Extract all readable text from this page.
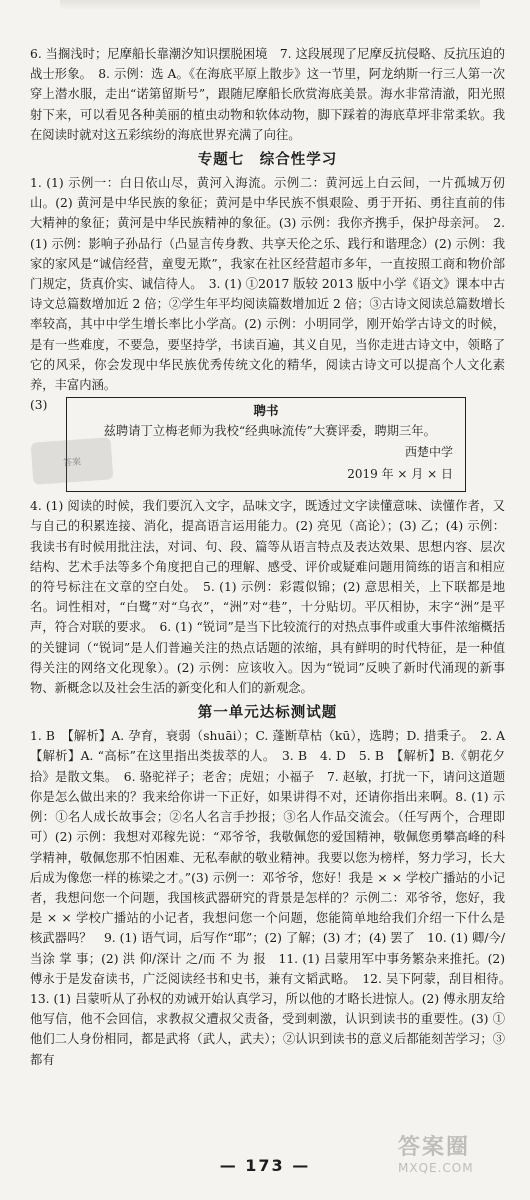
6. 当搁浅时；尼摩船长靠潮汐知识摆脱困境　7. 这段展现了尼摩反抗侵略、反抗压迫的战士形象。　8. 示例：选 A。《在海底平原上散步》这一节里，阿龙纳斯一行三人第一次穿上潜水服，走出“诺第留斯号”，跟随尼摩船长欣赏海底美景。海水非常清澈，阳光照射下来，可以看见各种美丽的植虫动物和软体动物，脚下踩着的海底草坪非常柔软。我在阅读时就对这五彩缤纷的海底世界充满了向往。

专题七　综合性学习

1. (1) 示例一：白日依山尽，黄河入海流。示例二：黄河远上白云间，一片孤城万仞山。(2) 黄河是中华民族的象征；黄河是中华民族不惧艰险、勇于开拓、勇往直前的伟大精神的象征；黄河是中华民族精神的象征。(3) 示例：我你齐携手，保护母亲河。　2. (1) 示例：影响子孙品行（凸显言传身教、共享天伦之乐、践行和谐理念）(2) 示例：我家的家风是“诚信经营，童叟无欺”，我家在社区经营超市多年，一直按照工商和物价部门规定，货真价实、诚信待人。　3. (1) ①2017 版较 2013 版中小学《语文》课本中古诗文总篇数增加近 2 倍；②学生年平均阅读篇数增加近 2 倍；③古诗文阅读总篇数增长率较高，其中中学生增长率比小学高。(2) 示例：小明同学，刚开始学古诗文的时候，是有一些难度，不要急，要坚持学，书读百遍，其义自见，当你走进古诗文中，领略了它的风采，你会发现中华民族优秀传统文化的精华，阅读古诗文可以提高个人文化素养，丰富内涵。

(3)	聘书

兹聘请丁立梅老师为我校“经典咏流传”大赛评委，聘期三年。

西楚中学
2019 年 × 月 × 日

4. (1) 阅读的时候，我们要沉入文字，品味文字，既透过文字读懂意味、读懂作者，又与自己的积累连接、消化，提高语言运用能力。(2) 亮见（高论）；(3) 乙；(4) 示例：我读书有时候用批注法，对词、句、段、篇等从语言特点及表达效果、思想内容、层次结构、艺术手法等多个角度把自己的理解、感受、评价或疑难问题用简练的语言和相应的符号标注在文章的空白处。　5. (1) 示例：彩霞似锦；(2) 意思相关，上下联都是地名。词性相对，“白鹭”对“乌衣”，“洲”对“巷”，十分贴切。平仄相协，末字“洲”是平声，符合对联的要求。　6. (1) “锐词”是当下比较流行的对热点事件或重大事件浓缩概括的关键词（“锐词”是人们普遍关注的热点话题的浓缩，具有鲜明的时代特征，是一种值得关注的网络文化现象）。(2) 示例：应该收入。因为“锐词”反映了新时代涌现的新事物、新概念以及社会生活的新变化和人们的新观念。

第一单元达标测试题

1. B　【解析】A. 孕育，衰弱（shuāi）；C. 蓬断草枯（kū），选聘；D. 措秉子。　2. A　【解析】A. “高标”在这里指出类拔萃的人。　3. B　4. D　5. B　【解析】B.《朝花夕拾》是散文集。　6. 骆驼祥子；老舍；虎妞；小福子　7. 赵敏，打扰一下，请问这道题你是怎么做出来的？我来给你讲一下正好，如果讲得不对，还请你指出来啊。8. (1) 示例：①名人成长故事会；②名人名言手抄报；③名人作品交流会。（任写两个，合理即可）(2) 示例：我想对邓稼先说：“邓爷爷，我敬佩您的爱国精神，敬佩您勇攀高峰的科学精神，敬佩您那不怕困难、无私奉献的敬业精神。我要以您为榜样，努力学习，长大后成为像您一样的栋梁之才。”(3) 示例一：邓爷爷，您好！我是 × × 学校广播站的小记者，我想问您一个问题，我国核武器研究的背景是怎样的？示例二：邓爷爷，您好，我是 × × 学校广播站的小记者，我想问您一个问题，您能简单地给我们介绍一下什么是核武器吗？　9. (1) 语气词，后写作“耶”；(2) 了解；(3) 才；(4) 罢了　10. (1) 卿/今/当涂 掌 事；(2) 洪 仰/深计 之/而 不 为 报　11. (1) 吕蒙用军中事务繁杂来推托。(2) 傅永于是发奋读书，广泛阅读经书和史书，兼有文韬武略。　12. 吴下阿蒙，刮目相待。　13. (1) 吕蒙听从了孙权的劝诫开始认真学习，所以他的才略长进惊人。(2) 傅永朋友给他写信，他不会回信，求教叔父遭叔父责备，受到刺激，认识到读书的重要性。(3) ①他们二人身份相同，都是武将（武人，武夫）；②认识到读书的意义后都能刻苦学习；③都有

答案
— 173 —
答案圈
MXQE.COM
